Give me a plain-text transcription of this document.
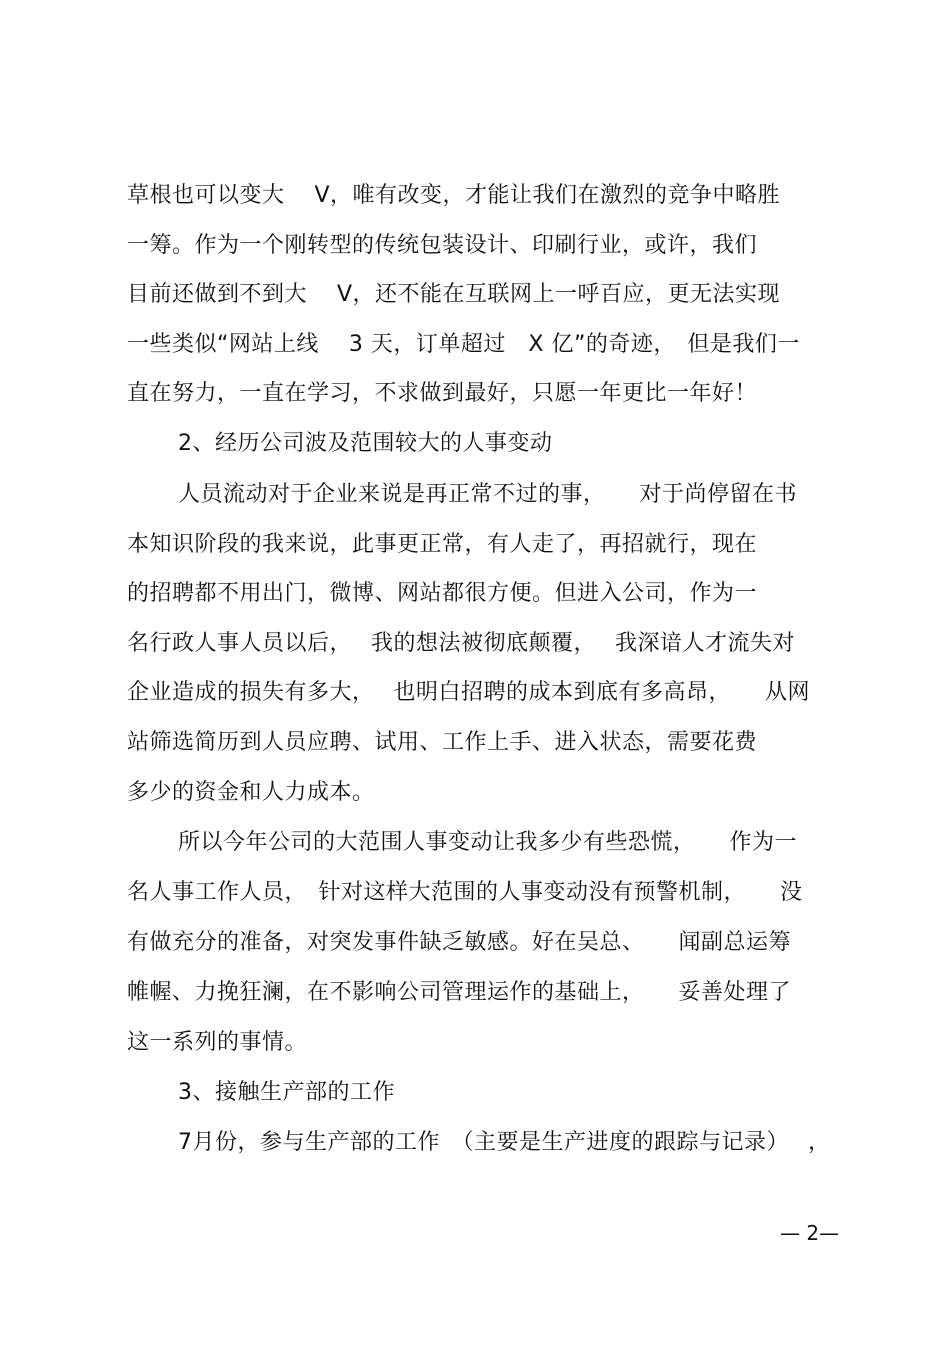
草根也可以变大　 V，唯有改变，才能让我们在激烈的竞争中略胜
一筹。作为一个刚转型的传统包装设计、印刷行业，或许，我们
目前还做到不到大　 V，还不能在互联网上一呼百应，更无法实现
一些类似“网站上线　 3 天，订单超过　X 亿”的奇迹，　但是我们一
直在努力，一直在学习，不求做到最好，只愿一年更比一年好！
2、经历公司波及范围较大的人事变动
人员流动对于企业来说是再正常不过的事，　　对于尚停留在书
本知识阶段的我来说，此事更正常，有人走了，再招就行，现在
的招聘都不用出门，微博、网站都很方便。但进入公司，作为一
名行政人事人员以后，　 我的想法被彻底颠覆，　 我深谙人才流失对
企业造成的损失有多大，　 也明白招聘的成本到底有多高昂，　　从网
站筛选简历到人员应聘、试用、工作上手、进入状态，需要花费
多少的资金和人力成本。
所以今年公司的大范围人事变动让我多少有些恐慌，　　作为一
名人事工作人员，　针对这样大范围的人事变动没有预警机制，　　没
有做充分的准备，对突发事件缺乏敏感。好在吴总、　　闻副总运筹
帷幄、力挽狂澜，在不影响公司管理运作的基础上，　　妥善处理了
这一系列的事情。
3、接触生产部的工作
7月份，参与生产部的工作　（主要是生产进度的跟踪与记录）　 ，
— 2—
